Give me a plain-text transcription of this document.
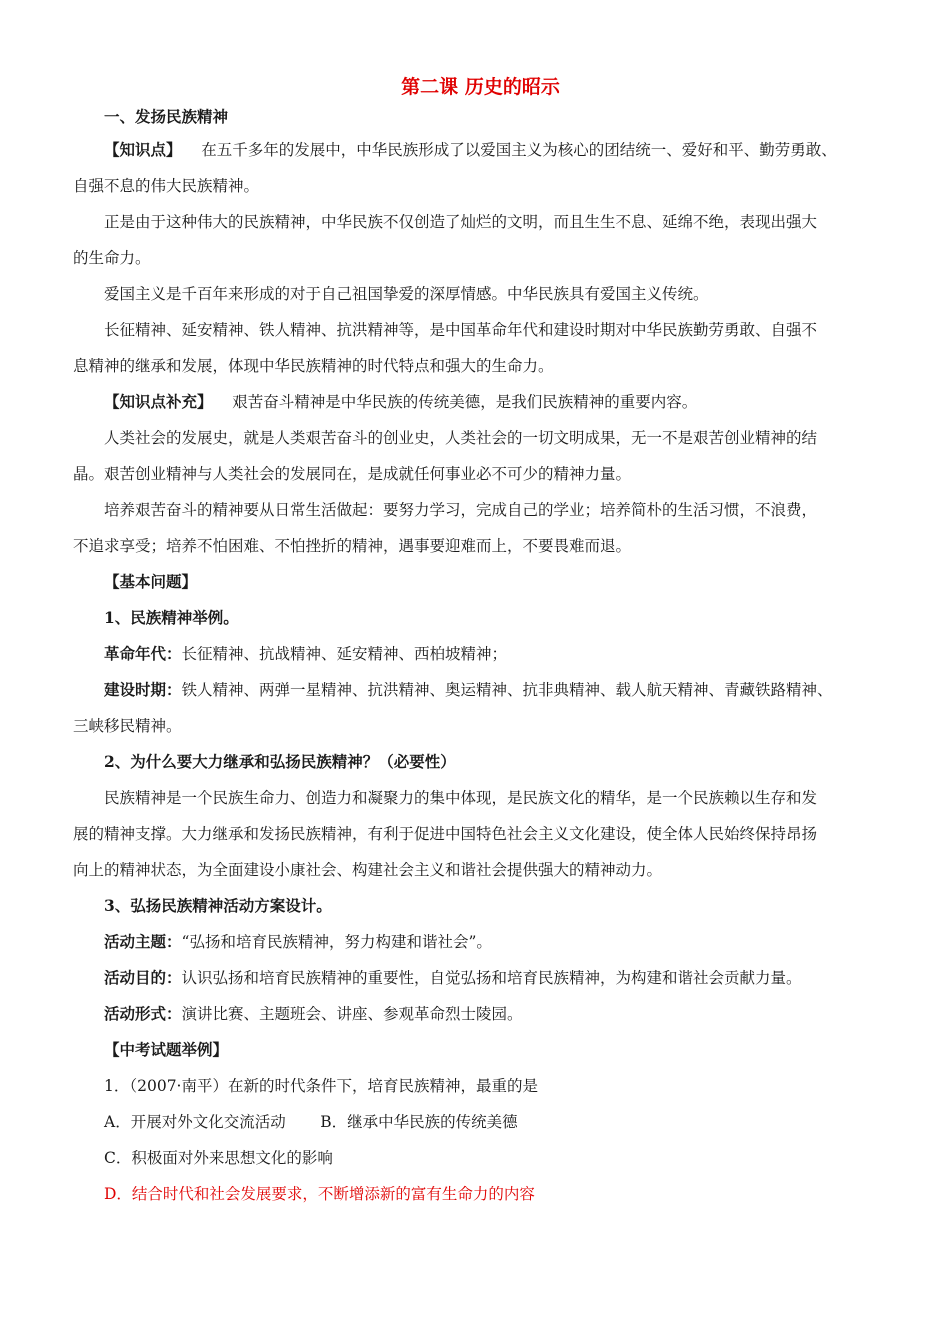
第二课 历史的昭示
一、发扬民族精神
【知识点】 在五千多年的发展中，中华民族形成了以爱国主义为核心的团结统一、爱好和平、勤劳勇敢、
自强不息的伟大民族精神。
正是由于这种伟大的民族精神，中华民族不仅创造了灿烂的文明，而且生生不息、延绵不绝，表现出强大
的生命力。
爱国主义是千百年来形成的对于自己祖国挚爱的深厚情感。中华民族具有爱国主义传统。
长征精神、延安精神、铁人精神、抗洪精神等，是中国革命年代和建设时期对中华民族勤劳勇敢、自强不
息精神的继承和发展，体现中华民族精神的时代特点和强大的生命力。
【知识点补充】 艰苦奋斗精神是中华民族的传统美德，是我们民族精神的重要内容。
人类社会的发展史，就是人类艰苦奋斗的创业史，人类社会的一切文明成果，无一不是艰苦创业精神的结
晶。艰苦创业精神与人类社会的发展同在，是成就任何事业必不可少的精神力量。
培养艰苦奋斗的精神要从日常生活做起：要努力学习，完成自己的学业；培养简朴的生活习惯，不浪费，
不追求享受；培养不怕困难、不怕挫折的精神，遇事要迎难而上，不要畏难而退。
【基本问题】
1、民族精神举例。
革命年代：长征精神、抗战精神、延安精神、西柏坡精神；
建设时期：铁人精神、两弹一星精神、抗洪精神、奥运精神、抗非典精神、载人航天精神、青藏铁路精神、
三峡移民精神。
2、为什么要大力继承和弘扬民族精神？（必要性）
民族精神是一个民族生命力、创造力和凝聚力的集中体现，是民族文化的精华，是一个民族赖以生存和发
展的精神支撑。大力继承和发扬民族精神，有利于促进中国特色社会主义文化建设，使全体人民始终保持昂扬
向上的精神状态，为全面建设小康社会、构建社会主义和谐社会提供强大的精神动力。
3、弘扬民族精神活动方案设计。
活动主题：“弘扬和培育民族精神，努力构建和谐社会”。
活动目的：认识弘扬和培育民族精神的重要性，自觉弘扬和培育民族精神，为构建和谐社会贡献力量。
活动形式：演讲比赛、主题班会、讲座、参观革命烈士陵园。
【中考试题举例】
1．（2007·南平）在新的时代条件下，培育民族精神，最重的是
A．开展对外文化交流活动 B．继承中华民族的传统美德
C．积极面对外来思想文化的影响
D．结合时代和社会发展要求，不断增添新的富有生命力的内容
